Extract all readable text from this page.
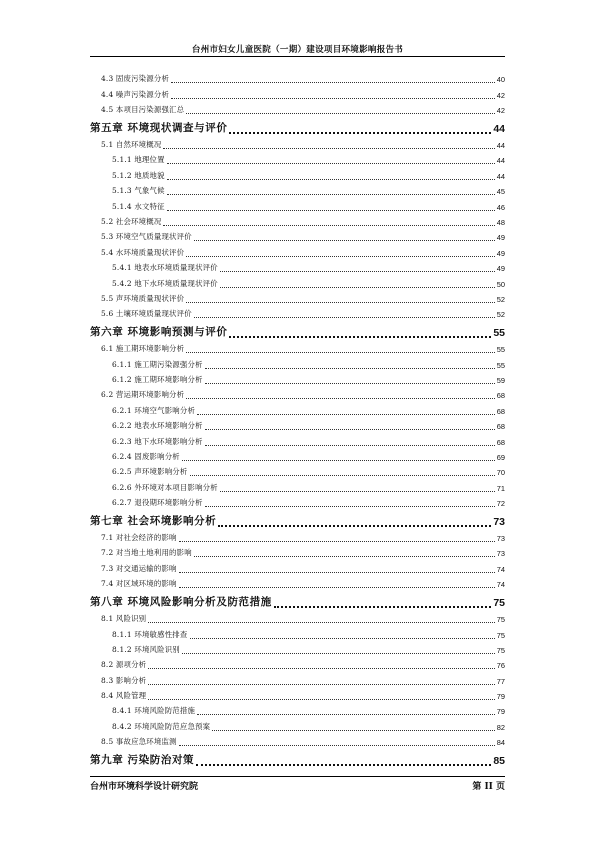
台州市妇女儿童医院（一期）建设项目环境影响报告书
4.3 固废污染源分析	40
4.4 噪声污染源分析	42
4.5 本项目污染源强汇总	42
第五章 环境现状调查与评价	44
5.1 自然环境概况	44
5.1.1 地理位置	44
5.1.2 地质地貌	44
5.1.3 气象气候	45
5.1.4 水文特征	46
5.2 社会环境概况	48
5.3 环境空气质量现状评价	49
5.4 水环境质量现状评价	49
5.4.1 地表水环境质量现状评价	49
5.4.2 地下水环境质量现状评价	50
5.5 声环境质量现状评价	52
5.6 土壤环境质量现状评价	52
第六章 环境影响预测与评价	55
6.1 施工期环境影响分析	55
6.1.1 施工期污染源强分析	55
6.1.2 施工期环境影响分析	59
6.2 营运期环境影响分析	68
6.2.1 环境空气影响分析	68
6.2.2 地表水环境影响分析	68
6.2.3 地下水环境影响分析	68
6.2.4 固废影响分析	69
6.2.5 声环境影响分析	70
6.2.6 外环境对本项目影响分析	71
6.2.7 退役期环境影响分析	72
第七章 社会环境影响分析	73
7.1 对社会经济的影响	73
7.2 对当地土地利用的影响	73
7.3 对交通运输的影响	74
7.4 对区域环境的影响	74
第八章 环境风险影响分析及防范措施	75
8.1 风险识别	75
8.1.1 环境敏感性排查	75
8.1.2 环境风险识别	75
8.2 源项分析	76
8.3 影响分析	77
8.4 风险管理	79
8.4.1 环境风险防范措施	79
8.4.2 环境风险防范应急预案	82
8.5 事故应急环境监测	84
第九章 污染防治对策	85
台州市环境科学设计研究院	第 II 页
